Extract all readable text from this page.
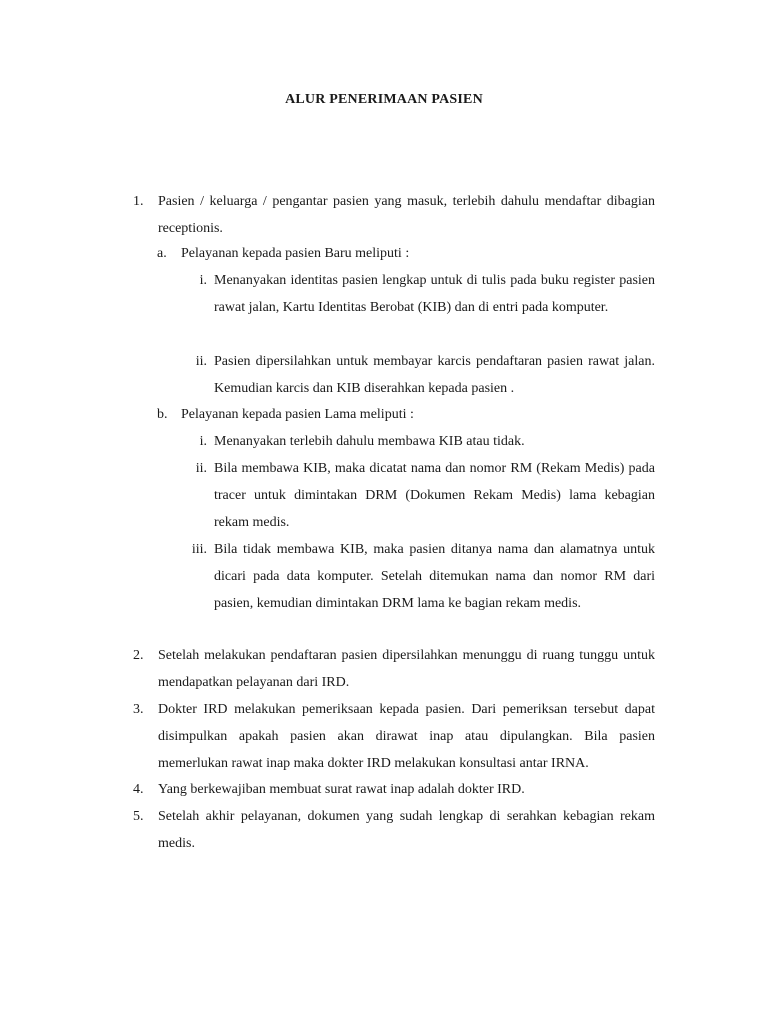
ALUR PENERIMAAN PASIEN
1. Pasien / keluarga / pengantar pasien yang masuk, terlebih dahulu mendaftar dibagian receptionis.
a. Pelayanan kepada pasien Baru meliputi :
i. Menanyakan identitas pasien lengkap untuk di tulis pada buku register pasien rawat jalan, Kartu Identitas Berobat (KIB) dan di entri pada komputer.
ii. Pasien dipersilahkan untuk membayar karcis pendaftaran pasien rawat jalan. Kemudian karcis dan KIB diserahkan kepada pasien .
b. Pelayanan kepada pasien Lama meliputi :
i. Menanyakan terlebih dahulu membawa KIB atau tidak.
ii. Bila membawa KIB, maka dicatat nama dan nomor RM (Rekam Medis) pada tracer untuk dimintakan DRM (Dokumen Rekam Medis) lama kebagian rekam medis.
iii. Bila tidak membawa KIB, maka pasien ditanya nama dan alamatnya untuk dicari pada data komputer. Setelah ditemukan nama dan nomor RM dari pasien, kemudian dimintakan DRM lama ke bagian rekam medis.
2. Setelah melakukan pendaftaran pasien dipersilahkan menunggu di ruang tunggu untuk mendapatkan pelayanan dari IRD.
3. Dokter IRD melakukan pemeriksaan kepada pasien. Dari pemeriksan tersebut dapat disimpulkan apakah pasien akan dirawat inap atau dipulangkan. Bila pasien memerlukan rawat inap maka dokter IRD melakukan konsultasi antar IRNA.
4. Yang berkewajiban membuat surat rawat inap adalah dokter IRD.
5. Setelah akhir pelayanan, dokumen yang sudah lengkap di serahkan kebagian rekam medis.
